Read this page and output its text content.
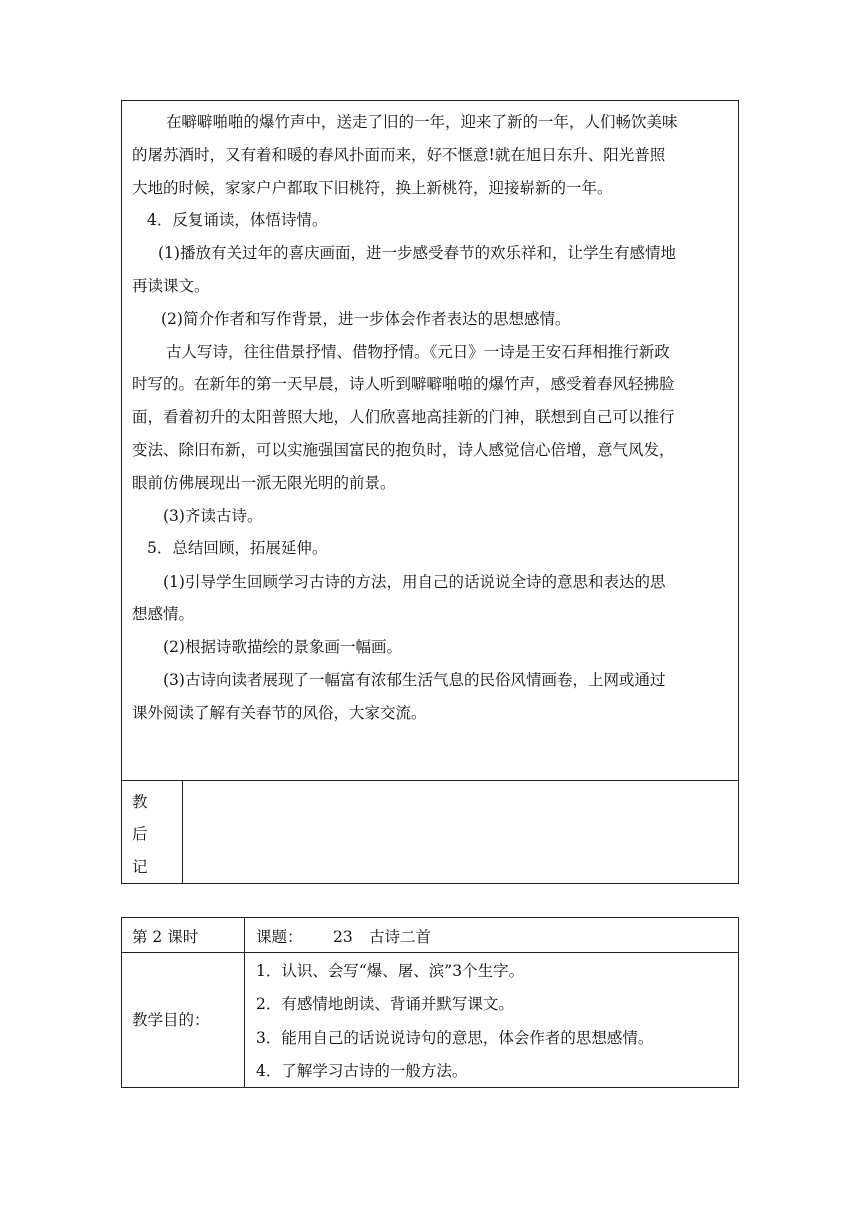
在噼噼啪啪的爆竹声中，送走了旧的一年，迎来了新的一年，人们畅饮美味
的屠苏酒时，又有着和暖的春风扑面而来，好不惬意!就在旭日东升、阳光普照
大地的时候，家家户户都取下旧桃符，换上新桃符，迎接崭新的一年。
4．反复诵读，体悟诗情。
(1)播放有关过年的喜庆画面，进一步感受春节的欢乐祥和，让学生有感情地
再读课文。
(2)简介作者和写作背景，进一步体会作者表达的思想感情。
古人写诗，往往借景抒情、借物抒情。《元日》一诗是王安石拜相推行新政
时写的。在新年的第一天早晨，诗人听到噼噼啪啪的爆竹声，感受着春风轻拂脸
面，看着初升的太阳普照大地，人们欣喜地高挂新的门神，联想到自己可以推行
变法、除旧布新，可以实施强国富民的抱负时，诗人感觉信心倍增，意气风发，
眼前仿佛展现出一派无限光明的前景。
(3)齐读古诗。
5．总结回顾，拓展延伸。
(1)引导学生回顾学习古诗的方法，用自己的话说说全诗的意思和表达的思
想感情。
(2)根据诗歌描绘的景象画一幅画。
(3)古诗向读者展现了一幅富有浓郁生活气息的民俗风情画卷，上网或通过
课外阅读了解有关春节的风俗，大家交流。
教
后
记
第 2 课时	课题： 23 古诗二首
教学目的：
1．认识、会写“爆、屠、滨”3个生字。
2．有感情地朗读、背诵并默写课文。
3．能用自己的话说说诗句的意思，体会作者的思想感情。
4．了解学习古诗的一般方法。
